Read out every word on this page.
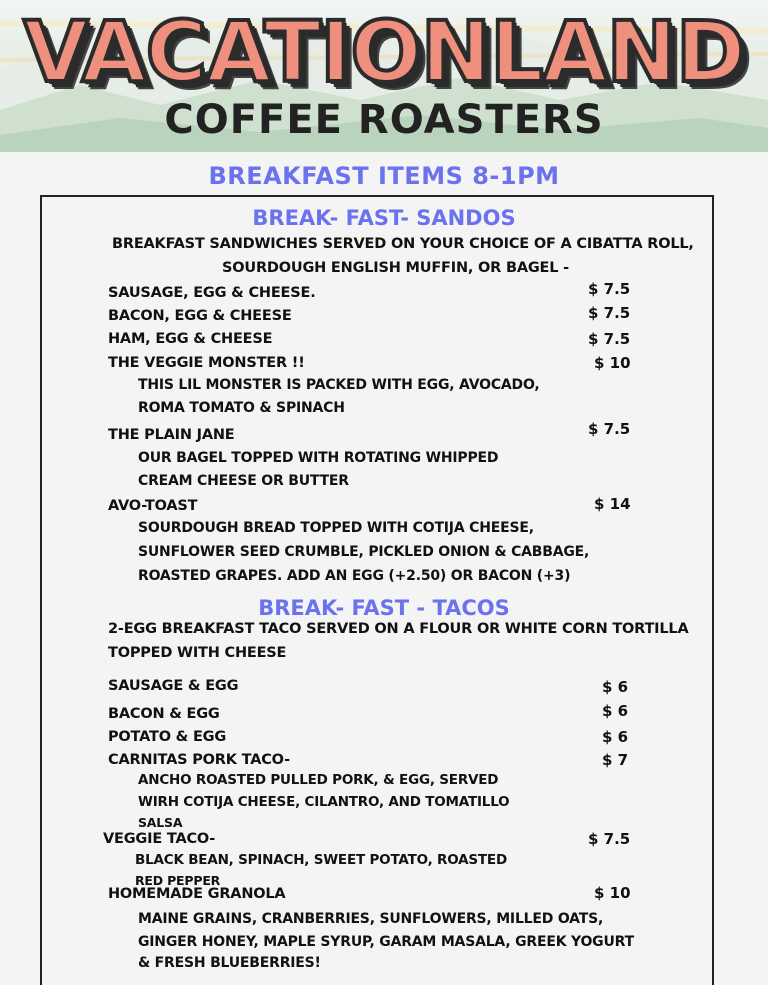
VACATIONLAND
COFFEE ROASTERS
BREAKFAST ITEMS 8-1PM
BREAK- FAST- SANDOS
BREAKFAST SANDWICHES SERVED ON YOUR CHOICE OF A CIBATTA ROLL,
SOURDOUGH ENGLISH MUFFIN, OR BAGEL -
SAUSAGE, EGG & CHEESE.	$ 7.5
BACON, EGG & CHEESE	$ 7.5
HAM, EGG & CHEESE	$ 7.5
THE VEGGIE MONSTER !!	$ 10
THIS LIL MONSTER IS PACKED WITH EGG, AVOCADO,
ROMA TOMATO & SPINACH
THE PLAIN JANE	$ 7.5
OUR BAGEL TOPPED WITH ROTATING WHIPPED
CREAM CHEESE OR BUTTER
AVO-TOAST	$ 14
SOURDOUGH BREAD TOPPED WITH COTIJA CHEESE,
SUNFLOWER SEED CRUMBLE, PICKLED ONION & CABBAGE,
ROASTED GRAPES. ADD AN EGG (+2.50) OR BACON (+3)
BREAK- FAST - TACOS
2-EGG BREAKFAST TACO SERVED ON A FLOUR OR WHITE CORN TORTILLA
TOPPED WITH CHEESE
SAUSAGE & EGG	$ 6
BACON & EGG	$ 6
POTATO & EGG	$ 6
CARNITAS PORK TACO-	$ 7
ANCHO ROASTED PULLED PORK, & EGG, SERVED
WIRH COTIJA CHEESE, CILANTRO, AND TOMATILLO
SALSA
VEGGIE TACO-	$ 7.5
BLACK BEAN, SPINACH, SWEET POTATO, ROASTED
RED PEPPER
HOMEMADE GRANOLA	$ 10
MAINE GRAINS, CRANBERRIES, SUNFLOWERS, MILLED OATS,
GINGER HONEY, MAPLE SYRUP, GARAM MASALA, GREEK YOGURT
& FRESH BLUEBERRIES!
